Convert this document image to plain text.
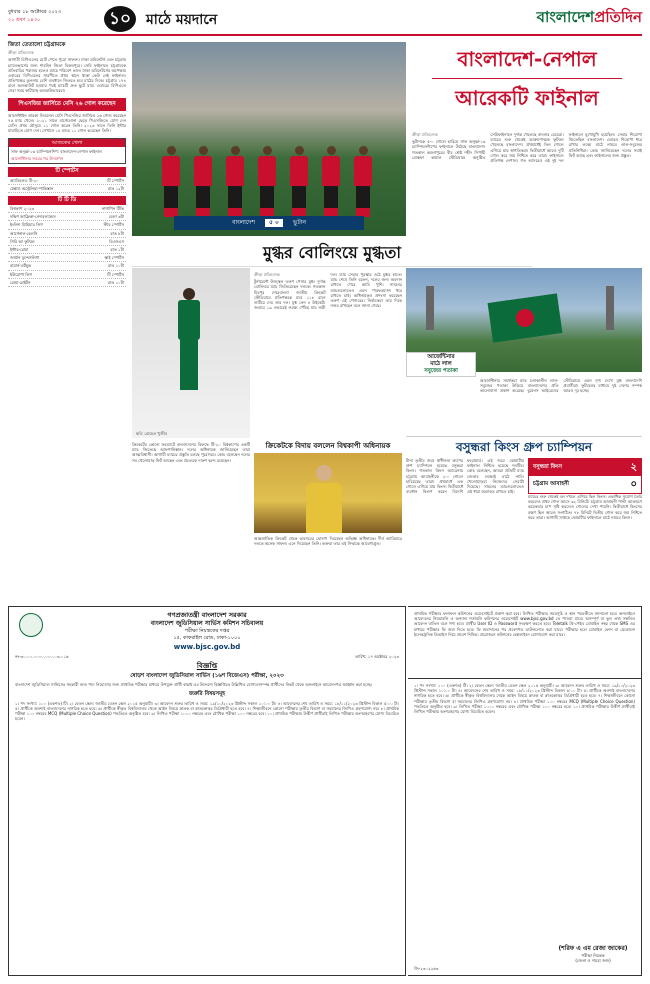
বুধবার ১৮ অক্টোবর ২০২৩
২০ শ্রবণ ১৪৩০	১০	মাঠে ময়দানে	বাংলাদেশপ্রতিদিন
জিতা তেতালো চট্টগ্রামকে
ক্রীড়া প্রতিবেদক
আগামী বিপিএলের মোট পেতে পুরো সাফল্য। ঢাকা ডমিনেটর্স এবং চট্টগ্রাম চ্যালেঞ্জার্সের জন্য শারমিন জিতা বিক্রমপুরে। সেমি ফাইনালে চট্টগ্রামকে প্রতিবারির পরাজয় হলেও ম্যাচে পরিবেশ ভাল। ঢাকা ডমিনেটর্সের অপেক্ষায় এবারের বিপিএলের সারণীতে প্রথম স্থানে থাকা কেউ নেই ফাইনাল। প্রতিপক্ষের তুলনায় বেশি ব্যবধানে জিততে হবে মাঠের দিকে। চট্টগ্রাম ১৭৪ রানে অলআউট হওয়ার পরই ম্যাচটি দ্রুত ছুটে যায়। এবারের বিপিএলে সেরা সময় কাটাচ্ছে অলরাউন্ডারেরা।
পিএসজির জার্সিতে মেসি ২৬ গোল করেছেন
আর্জেন্টাইন তারকা লিওনেল মেসি পিএসজির জার্সিতে ২৬ গোল করেছেন ৭৫ ম্যাচ খেলে। ২০২১ সালে বার্সেলোনা ছেড়ে পিএসজিতে যোগ দেন মেসি। প্রথম মৌসুমে ১১ গোল করেন তিনি। ২০২৩ সালে তিনি ইন্টার মায়ামিতে যোগ দেন। সেখানে ১৪ ম্যাচে ১১ গোল করেছেন তিনি।
আজকের খেলা
সাফ অনূর্ধ্ব-১৬ চ্যাম্পিয়নশিপ: বাংলাদেশ-নেপাল ফাইনাল
আর্জেন্টিনার জয়ের পর উদযাপন
টি স্পোর্টস
অ্যাডিলেড টি-২০	টি স্পোর্টস
ঢেঙ্কার্ড অস্ট্রেলিয়া-পাকিস্তান	রাত ১২টা
টি টি ডি
বিশ্বকাপ ২০২৩	নাগাপিন টিভি
দক্ষিণ আফ্রিকা-নেদারল্যান্ডস	বেলা ৩টা
ইংলিশ প্রিমিয়ার লিগ	স্টার স্পোর্টস
আর্সেনাল-চেলসি	রাত ৮টা
সিরি আ ফুটবল	বিএসএস
ইন্টার-রোমা	রাত ১টা
জার্মান বুন্দেসলিগা	স্কাই স্পোর্টস
বায়ার্ন-ডর্টমুন্ড	রাত ১০টা
ইউরোপা লিগ	টি স্পোর্টস
রোমা-ব্রাইটন	রাত ১০টা
বাংলাদেশ	৫ ০	ভুটান
বাংলাদেশ-নেপাল
আরেকটি ফাইনাল
ক্রীড়া প্রতিবেদক
ভুটানকে ৫-০ গোলে হারিয়ে সাফ অনূর্ধ্ব-১৬ চ্যাম্পিয়নশিপের ফাইনালে উঠেছে বাংলাদেশ। গতকাল কমলাপুরের বীর শ্রেষ্ঠ শহীদ সিপাহী মোস্তফা কামাল স্টেডিয়ামে অনুষ্ঠিত সেমিফাইনালে দুর্দান্ত খেলেছে বাংলার মেয়েরা। ম্যাচের শুরু থেকেই আক্রমণাত্মক ফুটবল খেলেছে বাংলাদেশ। প্রথমার্ধেই তিন গোলে এগিয়ে যায় স্বাগতিকরা। দ্বিতীয়ার্ধে আরও দুটি গোল করে জয় নিশ্চিত করে তারা। ফাইনালে প্রতিপক্ষ নেপাল। গত আসরেও এই দুই দল ফাইনালে মুখোমুখি হয়েছিল। সেবার শিরোপা জিতেছিল বাংলাদেশ। এবারও শিরোপা ধরে রাখার লক্ষ্যে মাঠে নামবে লাল-সবুজের প্রতিনিধিরা। কোচ জানিয়েছেন দলের সবাই ফিট আছে এবং ফাইনালের জন্য প্রস্তুত।
মুগ্ধর বোলিংয়ে মুগ্ধতা
ছবি: রোহেত খুজীব
ক্রীড়া প্রতিবেদক
টুর্নামেন্টে উজ্জ্বল তরুণ পেসার মুগ্ধ। দুর্দান্ত বোলিংয়ে ম্যাচ জিতিয়েছেন দলকে। গতকাল মিরপুর শেরেবাংলা জাতীয় ক্রিকেট স্টেডিয়ামে প্রতিপক্ষকে মাত্র ১১৮ রানে গুটিয়ে দেয় তার দল। মুগ্ধ নেন ৪ উইকেট। জবাবে ১৯ ওভারেই লক্ষ্যে পৌঁছে যায় জয়ী দল। ম্যাচ সেরার পুরস্কার ওঠে মুগ্ধর হাতে। ম্যাচ শেষে তিনি বলেন, দলের জন্য অবদান রাখতে পেরে আমি খুশি। সামনের ম্যাচগুলোতেও এমন পারফরম্যান্স ধরে রাখতে চাই। অধিনায়কও প্রশংসা করেছেন তরুণ এই পেসারের। নির্বাচকরা তার দিকে নজর রাখছেন বলে জানা গেছে।
ক্রিকেটের কোনো ফরম্যাটে বাংলাদেশের বিরুদ্ধে টি-২০ বিশ্বকাপের একটি ম্যাচ জিতেছে আফগানিস্তান। দলের অধিনায়ক জানিয়েছেন তারা আত্মবিশ্বাসী। আগামী ম্যাচের প্রস্তুতি চলছে পুরোদমে। কোচ বলেছেন দলের সব খেলোয়াড় ফিট আছেন এবং প্রত্যেকে দারুণ ছন্দে রয়েছেন।
ক্রিকেটকে বিদায় বললেন বিশ্বকাপী অধিনায়ক
আন্তর্জাতিক ক্রিকেট থেকে অবসরের ঘোষণা দিয়েছেন অভিজ্ঞ অধিনায়ক। দীর্ঘ ক্যারিয়ারে দলকে অনেক সাফল্য এনে দিয়েছেন তিনি। ভক্তরা তার এই সিদ্ধান্তে আবেগাপ্লুত।
আর্জেন্টিনার
মাঠে লাল
সবুজের পতাকা
আর্জেন্টিনার সমর্থকরা ম্যাচ চলাকালীন লাল-সবুজের পতাকা উড়িয়ে বাংলাদেশের প্রতি ভালোবাসা প্রকাশ করেছে। বুয়েনস আইরেসের স্টেডিয়ামে এমন দৃশ্য দেখে মুগ্ধ বাংলাদেশি প্রবাসীরা। ফুটবলের মাধ্যমে দুই দেশের সম্পর্ক আরও দৃঢ় হচ্ছে।
বসুন্ধরা কিংস গ্রুপ চ্যাম্পিয়ন
টানা তৃতীয় জয়ে স্বাধীনতা কাপের গ্রুপ চ্যাম্পিয়ন হয়েছে বসুন্ধরা কিংস। গতকাল কিংস অ্যারেনায় চট্টগ্রাম আবাহনীকে ২-০ গোলে হারিয়েছে তারা। প্রথমার্ধে এক গোলে এগিয়ে যায় কিংস। দ্বিতীয়ার্ধে ব্যবধান দ্বিগুণ করেন বিদেশি ফরোয়ার্ড। এই জয়ে কোয়ার্টার ফাইনাল নিশ্চিত হয়েছে দলটির। কোচ বলেছেন, আমরা প্রতিটি ম্যাচ জেতার লক্ষ্যেই মাঠে নামি। খেলোয়াড়রা নিজেদের সেরাটা দিয়েছে। সামনের ম্যাচগুলোতেও এই ধারা অব্যাহত রাখতে চাই।
বসুন্ধরা কিংস	২
চট্টগ্রাম আবাহনী	০
ম্যাচের শুরু থেকেই বল দখলে এগিয়ে ছিল কিংস। একাধিক সুযোগ তৈরি করলেও প্রথম গোল আসে ৩২ মিনিটে। চট্টগ্রাম আবাহনী পাল্টা আক্রমণে কয়েকবার চাপ সৃষ্টি করলেও গোলের দেখা পায়নি। দ্বিতীয়ার্ধে কিংসের রক্ষণ ছিল আরও সংগঠিত। ৭৮ মিনিটে দ্বিতীয় গোল করে জয় নিশ্চিত করে তারা। আগামী সপ্তাহে কোয়ার্টার ফাইনালে মাঠে নামবে কিংস।
গণপ্রজাতন্ত্রী বাংলাদেশ সরকার
বাংলাদেশ জুডিসিয়াল সার্ভিস কমিশন সচিবালয়
পরীক্ষা নিয়ন্ত্রকের দপ্তর
১৫, কাকরাইল রোড, ঢাকা-১০০০
www.bjsc.gov.bd
নং-৩০.০০.০০০০.০০০.০৩.০১৬	তারিখ: ১৭ অক্টোবর ২০২৩
বিজ্ঞপ্তি
ষোড়শ বাংলাদেশ জুডিসিয়াল সার্ভিস (১৬শ বিজেএস) পরীক্ষা, ২০২৩
বাংলাদেশ জুডিসিয়াল সার্ভিসের সহকারী জজ পদে নিয়োগের জন্য প্রাথমিক পরীক্ষার মাধ্যমে উপযুক্ত প্রার্থী বাছাই এর উদ্দেশ্যে বিজ্ঞপ্তিতে উল্লিখিত যোগ্যতাসম্পন্ন প্রার্থীদের নিকট থেকে অনলাইনে আবেদনপত্র আহ্বান করা হচ্ছে।
জরুরি বিষয়সমূহ
১। পদ সংখ্যা: ১০০ (একশত) টি। ২। বেতন স্কেল: জাতীয় বেতন স্কেল ২০১৫ অনুযায়ী। ৩। আবেদন শুরুর তারিখ ও সময়: ১৯/১০/২০২৩ খ্রিস্টাব্দ সকাল ১০:০০ টা। ৪। আবেদনের শেষ তারিখ ও সময়: ১৮/১১/২০২৩ খ্রিস্টাব্দ বিকাল ৫:০০ টা। ৫। প্রার্থীকে অবশ্যই বাংলাদেশের নাগরিক হতে হবে। ৬। প্রার্থীকে স্বীকৃত বিশ্ববিদ্যালয় থেকে আইন বিষয়ে স্নাতক বা স্নাতকোত্তর ডিগ্রিধারী হতে হবে। ৭। শিক্ষাজীবনে কোনো পরীক্ষায় তৃতীয় বিভাগ বা সমমানের জিপিএ গ্রহণযোগ্য নয়। ৮। প্রাথমিক পরীক্ষা ১০০ নম্বরের MCQ (Multiple Choice Question) পদ্ধতিতে অনুষ্ঠিত হবে। ৯। লিখিত পরীক্ষা ১০০০ নম্বরের এবং মৌখিক পরীক্ষা ১০০ নম্বরের হবে। ১০। প্রাথমিক পরীক্ষায় উত্তীর্ণ প্রার্থীরাই লিখিত পরীক্ষায় অংশগ্রহণের যোগ্য বিবেচিত হবেন।
প্রাথমিক পরীক্ষার ফলাফল কমিশনের ওয়েবসাইটে প্রকাশ করা হবে। লিখিত পরীক্ষার সময়সূচি ও স্থান পরবর্তীতে জানানো হবে। অনলাইনে আবেদনের নিয়মাবলি ও অন্যান্য শর্তাবলি কমিশনের ওয়েবসাইট www.bjsc.gov.bd তে পাওয়া যাবে। অসম্পূর্ণ বা ভুল তথ্য সম্বলিত আবেদন বাতিল বলে গণ্য হবে। প্রার্থীর User ID ও Password সংরক্ষণ করতে হবে। Teletalk প্রি-পেইড মোবাইল নম্বর থেকে SMS এর মাধ্যমে পরীক্ষার ফি জমা দিতে হবে। ফি জমাদানের পর প্রবেশপত্র ডাউনলোড করা যাবে। পরীক্ষার হলে মোবাইল ফোন বা যেকোনো ইলেকট্রনিক ডিভাইস নিয়ে প্রবেশ নিষিদ্ধ। প্রয়োজনে কমিশনের হেল্পলাইনে যোগাযোগ করা যাবে।
১। পদ সংখ্যা: ১০০ (একশত) টি। ২। বেতন স্কেল: জাতীয় বেতন স্কেল ২০১৫ অনুযায়ী। ৩। আবেদন শুরুর তারিখ ও সময়: ১৯/১০/২০২৩ খ্রিস্টাব্দ সকাল ১০:০০ টা। ৪। আবেদনের শেষ তারিখ ও সময়: ১৮/১১/২০২৩ খ্রিস্টাব্দ বিকাল ৫:০০ টা। ৫। প্রার্থীকে অবশ্যই বাংলাদেশের নাগরিক হতে হবে। ৬। প্রার্থীকে স্বীকৃত বিশ্ববিদ্যালয় থেকে আইন বিষয়ে স্নাতক বা স্নাতকোত্তর ডিগ্রিধারী হতে হবে। ৭। শিক্ষাজীবনে কোনো পরীক্ষায় তৃতীয় বিভাগ বা সমমানের জিপিএ গ্রহণযোগ্য নয়। ৮। প্রাথমিক পরীক্ষা ১০০ নম্বরের MCQ (Multiple Choice Question) পদ্ধতিতে অনুষ্ঠিত হবে। ৯। লিখিত পরীক্ষা ১০০০ নম্বরের এবং মৌখিক পরীক্ষা ১০০ নম্বরের হবে। ১০। প্রাথমিক পরীক্ষায় উত্তীর্ণ প্রার্থীরাই লিখিত পরীক্ষায় অংশগ্রহণের যোগ্য বিবেচিত হবেন।
(শরিফ এ এম রেজা জাকের)
পরীক্ষা নিয়ন্ত্রক
(জেলা ও দায়রা জজ)
জি-২৩০২২৬৩
